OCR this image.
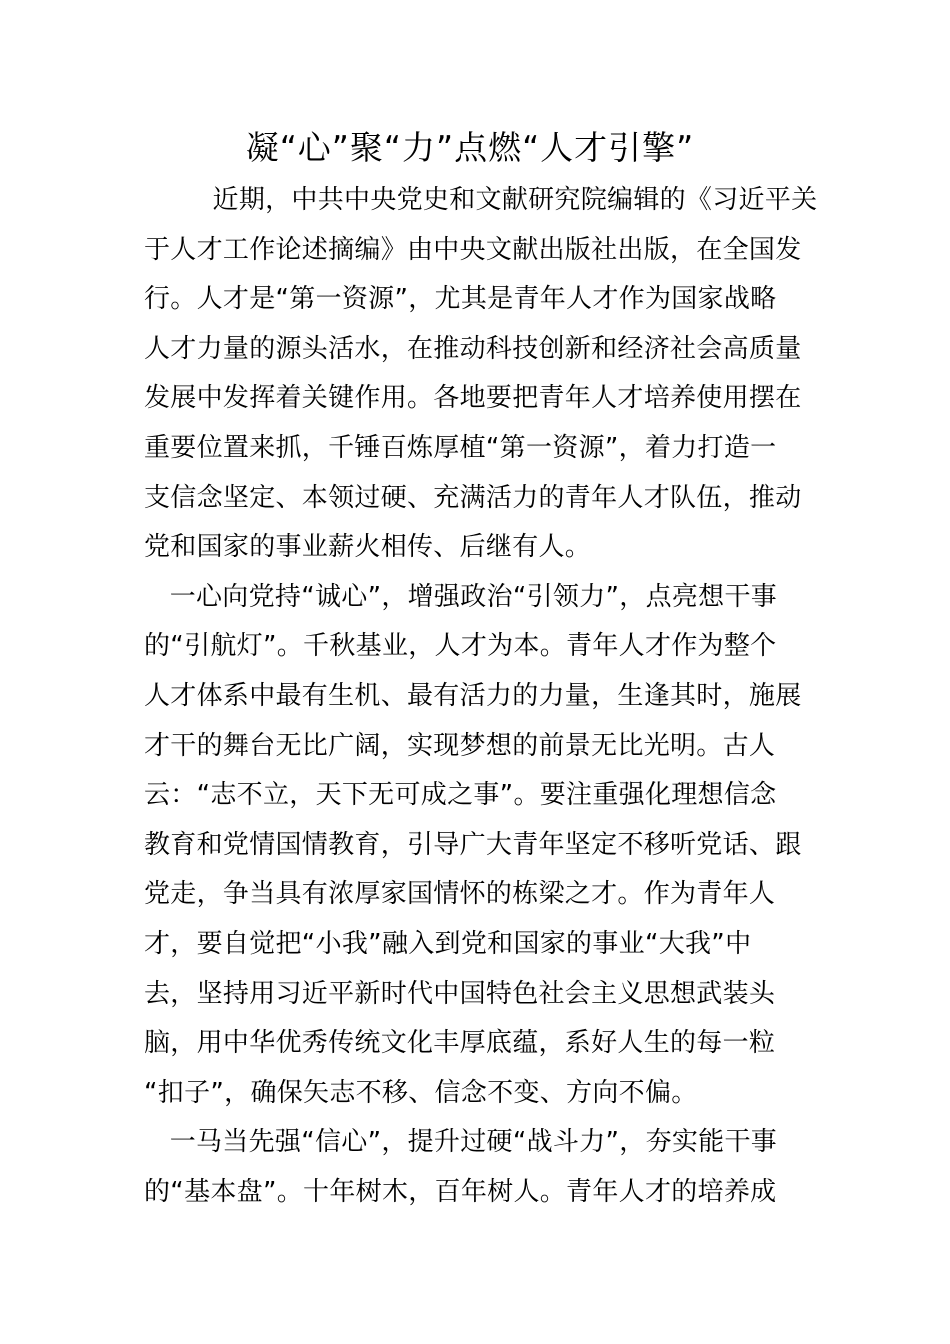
凝“心”聚“力”点燃“人才引擎”
近期，中共中央党史和文献研究院编辑的《习近平关
于人才工作论述摘编》由中央文献出版社出版，在全国发
行。人才是“第一资源”，尤其是青年人才作为国家战略
人才力量的源头活水，在推动科技创新和经济社会高质量
发展中发挥着关键作用。各地要把青年人才培养使用摆在
重要位置来抓，千锤百炼厚植“第一资源”，着力打造一
支信念坚定、本领过硬、充满活力的青年人才队伍，推动
党和国家的事业薪火相传、后继有人。
一心向党持“诚心”，增强政治“引领力”，点亮想干事
的“引航灯”。千秋基业，人才为本。青年人才作为整个
人才体系中最有生机、最有活力的力量，生逢其时，施展
才干的舞台无比广阔，实现梦想的前景无比光明。古人
云：“志不立，天下无可成之事”。要注重强化理想信念
教育和党情国情教育，引导广大青年坚定不移听党话、跟
党走，争当具有浓厚家国情怀的栋梁之才。作为青年人
才，要自觉把“小我”融入到党和国家的事业“大我”中
去，坚持用习近平新时代中国特色社会主义思想武装头
脑，用中华优秀传统文化丰厚底蕴，系好人生的每一粒
“扣子”，确保矢志不移、信念不变、方向不偏。
一马当先强“信心”，提升过硬“战斗力”，夯实能干事
的“基本盘”。十年树木，百年树人。青年人才的培养成
